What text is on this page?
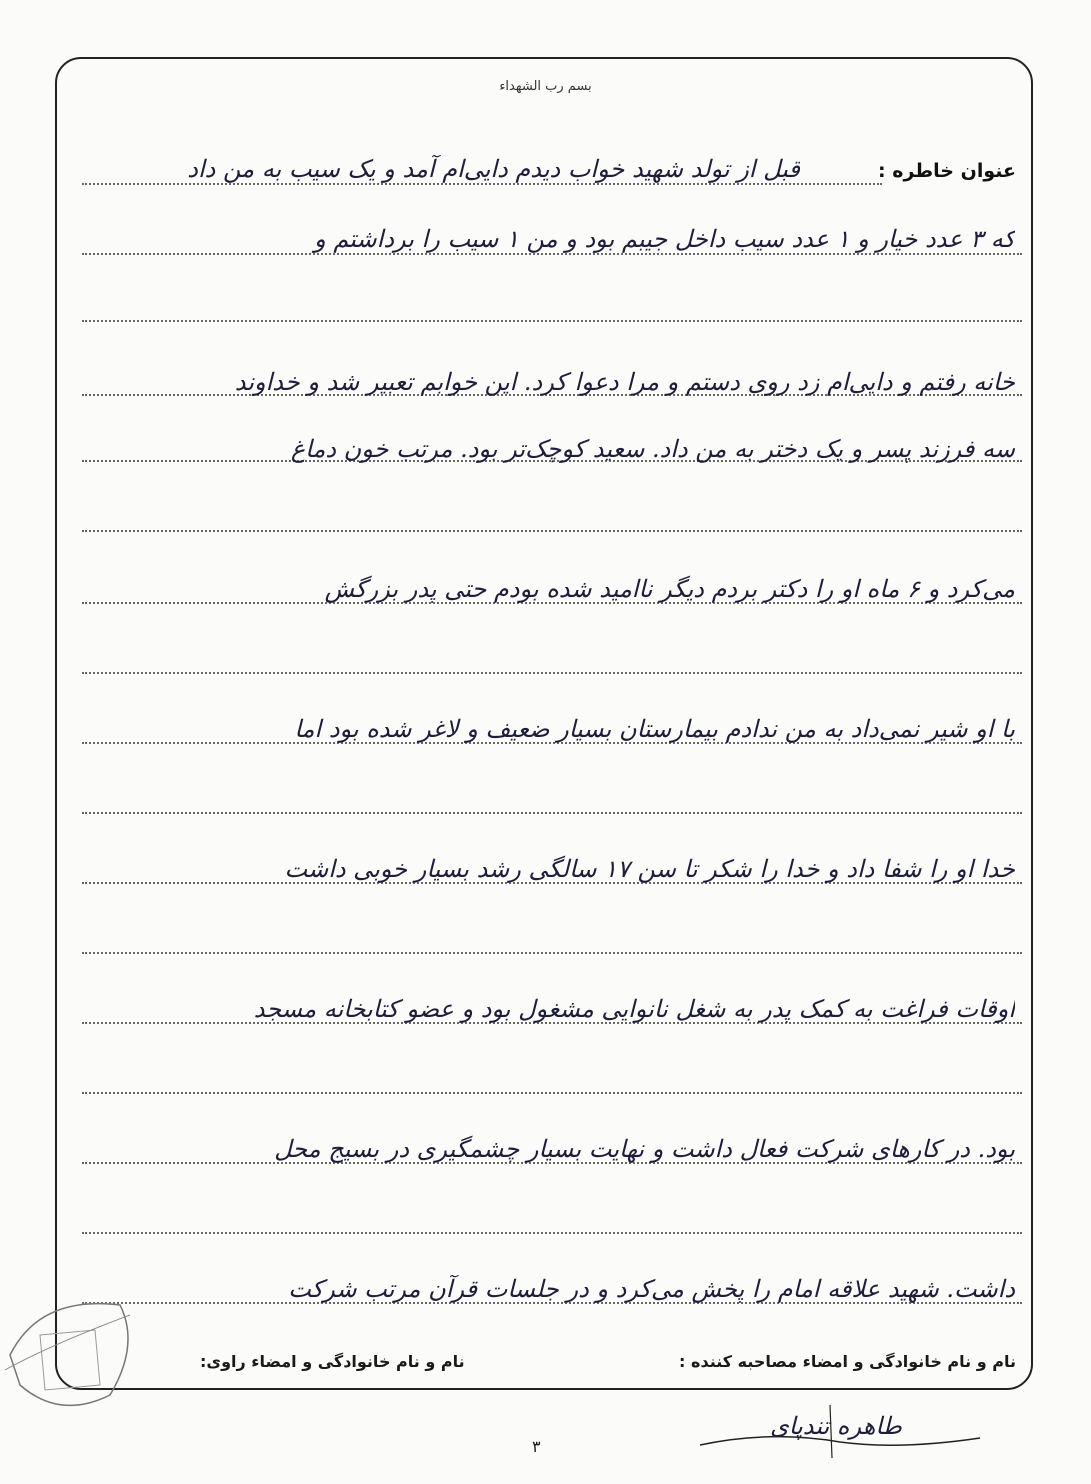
بسم رب الشهداء
عنوان خاطره :
قبل از تولد شهید خواب دیدم دایی‌ام آمد و یک سیب به من داد
که ۳ عدد خیار و ۱ عدد سیب داخل جیبم بود و من ۱ سیب را برداشتم و
خانه رفتم و دایی‌ام زد روی دستم و مرا دعوا کرد. این خوابم تعبیر شد و خداوند
سه فرزند پسر و یک دختر به من داد. سعید کوچک‌تر بود. مرتب خون دماغ
می‌کرد و ۶ ماه او را دکتر بردم دیگر ناامید شده بودم حتی پدر بزرگش
با او شیر نمی‌داد به من ندادم بیمارستان بسیار ضعیف و لاغر شده بود اما
خدا او را شفا داد و خدا را شکر تا سن ۱۷ سالگی رشد بسیار خوبی داشت
اوقات فراغت به کمک پدر به شغل نانوایی مشغول بود و عضو کتابخانه مسجد
بود. در کارهای شرکت فعال داشت و نهایت بسیار چشمگیری در بسیج محل
داشت. شهید علاقه امام را پخش می‌کرد و در جلسات قرآن مرتب شرکت
نام و نام خانوادگی و امضاء مصاحبه کننده :
نام و نام خانوادگی و امضاء راوی:
طاهره تندپای
۳
